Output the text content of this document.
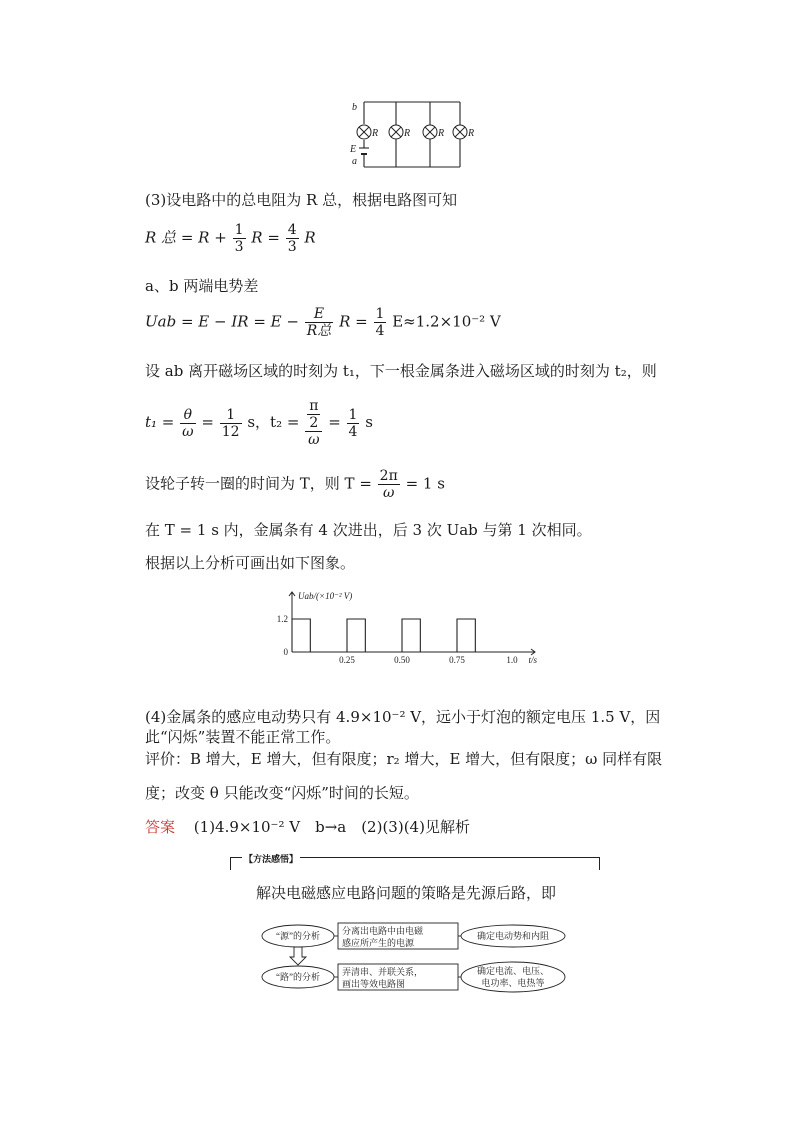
b
a
E
R	R	R R
(3)设电路中的总电阻为 R 总，根据电路图可知
R 总 = $R + \frac{1}{3}$ $R = \frac{4}{3}$ R
a、b 两端电势差
Uab = E − IR = $E - \frac{E}{\text{R总}}$ $R = \frac{1}{4} E\approx 1.2\times 10^{-2}$ V
设 ab 离开磁场区域的时刻为 t₁，下一根金属条进入磁场区域的时刻为 t₂，则
$t_1 = \frac{\theta}{\omega} = \frac{1}{12}$ s，$t_2 = \frac{\frac{\pi}{2}}{\omega} = \frac{1}{4}$ s
设轮子转一圈的时间为 T，则 $T = \frac{2\pi}{\omega} = 1$ s
在 T = 1 s 内，金属条有 4 次进出，后 3 次 Uab 与第 1 次相同。
根据以上分析可画出如下图象。
0.25	0.50	0.75	1.0
1.2
0
Uab/(×10⁻² V)
t/s
(4)金属条的感应电动势只有 4.9×10⁻² V，远小于灯泡的额定电压 1.5 V，因此“闪烁”装置不能正常工作。
评价：B 增大，E 增大，但有限度；r₂ 增大，E 增大，但有限度；ω 同样有限度；改变 θ 只能改变“闪烁”时间的长短。
答案 (1)4.9×10⁻² V　b→a　(2)(3)(4)见解析
【方法感悟】
解决电磁感应电路问题的策略是先源后路，即
“源”的分析 分离出电路中由电磁
感应所产生的电源
确定电动势和内阻
“路”的分析 弄清串、并联关系，
画出等效电路图
确定电流、电压、
电功率、电热等
